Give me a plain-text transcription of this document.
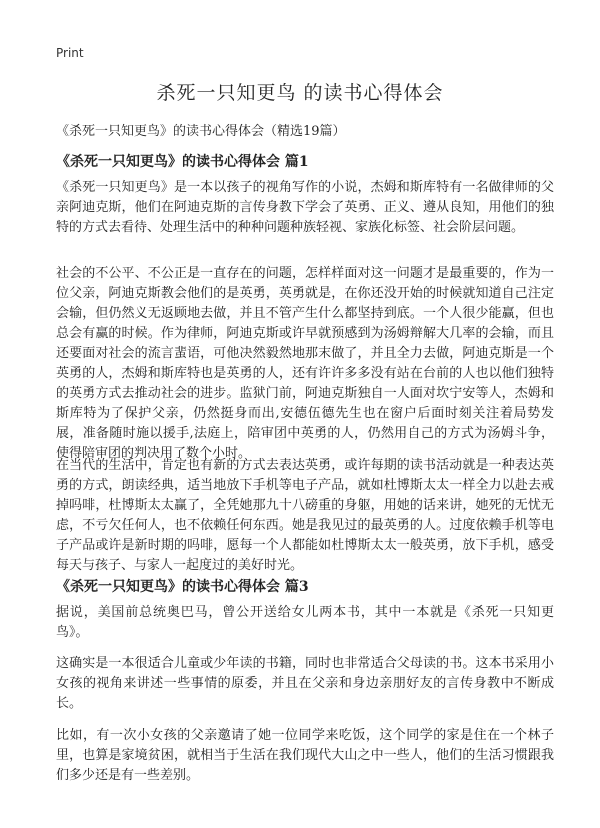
Print
杀死一只知更鸟 的读书心得体会

《杀死一只知更鸟》的读书心得体会（精选19篇）

《杀死一只知更鸟》的读书心得体会 篇1

《杀死一只知更鸟》是一本以孩子的视角写作的小说，杰姆和斯库特有一名做律师的父亲阿迪克斯，他们在阿迪克斯的言传身教下学会了英勇、正义、遵从良知，用他们的独特的方式去看待、处理生活中的种种问题种族轻视、家族化标签、社会阶层问题。

社会的不公平、不公正是一直存在的问题，怎样样面对这一问题才是最重要的，作为一位父亲，阿迪克斯教会他们的是英勇，英勇就是，在你还没开始的时候就知道自己注定会输，但仍然义无返顾地去做，并且不管产生什么都坚持到底。一个人很少能赢，但也总会有赢的时候。作为律师，阿迪克斯或许早就预感到为汤姆辩解大几率的会输，而且还要面对社会的流言蜚语，可他决然毅然地那末做了，并且全力去做，阿迪克斯是一个英勇的人，杰姆和斯库特也是英勇的人，还有许许多多没有站在台前的人也以他们独特的英勇方式去推动社会的进步。监狱门前，阿迪克斯独自一人面对坎宁安等人，杰姆和斯库特为了保护父亲，仍然挺身而出,安德伍德先生也在窗户后面时刻关注着局势发展，准备随时施以援手,法庭上，陪审团中英勇的人，仍然用自己的方式为汤姆斗争，使得陪审团的判决用了数个小时。

在当代的生活中，肯定也有新的方式去表达英勇，或许每期的读书活动就是一种表达英勇的方式，朗读经典，适当地放下手机等电子产品，就如杜博斯太太一样全力以赴去戒掉吗啡，杜博斯太太赢了，全凭她那九十八磅重的身躯，用她的话来讲，她死的无忧无虑，不亏欠任何人，也不依赖任何东西。她是我见过的最英勇的人。过度依赖手机等电子产品或许是新时期的吗啡，愿每一个人都能如杜博斯太太一般英勇，放下手机，感受每天与孩子、与家人一起度过的美好时光。

《杀死一只知更鸟》的读书心得体会 篇3

据说，美国前总统奥巴马，曾公开送给女儿两本书，其中一本就是《杀死一只知更鸟》。

这确实是一本很适合儿童或少年读的书籍，同时也非常适合父母读的书。这本书采用小女孩的视角来讲述一些事情的原委，并且在父亲和身边亲朋好友的言传身教中不断成长。

比如，有一次小女孩的父亲邀请了她一位同学来吃饭，这个同学的家是住在一个林子里，也算是家境贫困，就相当于生活在我们现代大山之中一些人，他们的生活习惯跟我们多少还是有一些差别。
